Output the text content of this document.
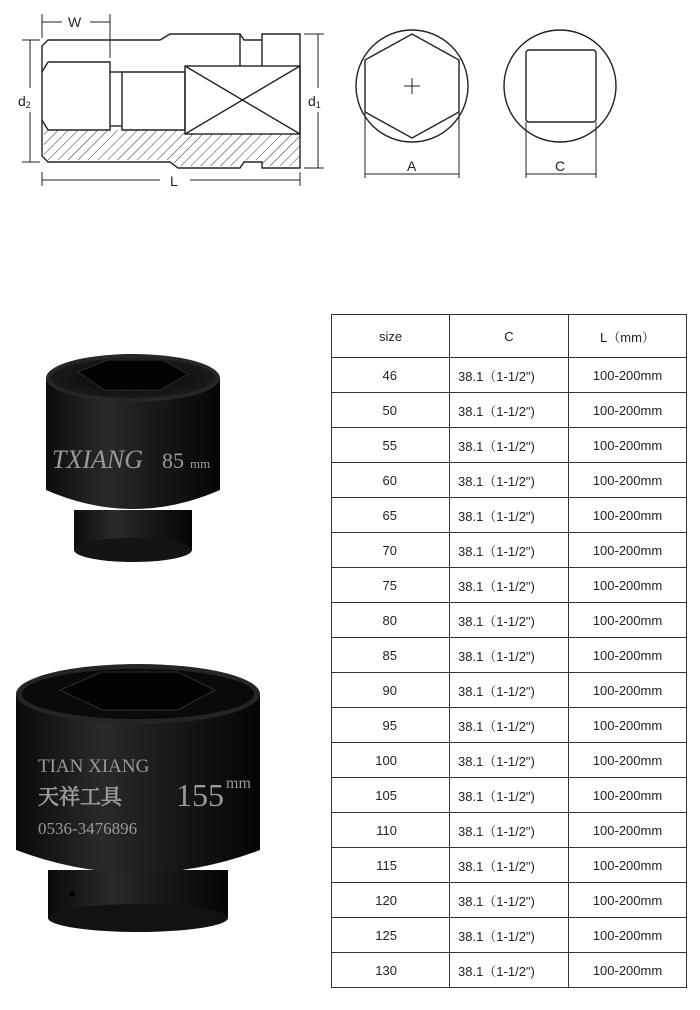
W
d2	d1
L
A	C
TXIANG 85 mm
TIAN XIANG
天祥工具 155 mm
0536-3476896
size	C	L（mm）
46	38.1（1-1/2")	100-200mm
50	38.1（1-1/2")	100-200mm
55	38.1（1-1/2")	100-200mm
60	38.1（1-1/2")	100-200mm
65	38.1（1-1/2")	100-200mm
70	38.1（1-1/2")	100-200mm
75	38.1（1-1/2")	100-200mm
80	38.1（1-1/2")	100-200mm
85	38.1（1-1/2")	100-200mm
90	38.1（1-1/2")	100-200mm
95	38.1（1-1/2")	100-200mm
100	38.1（1-1/2")	100-200mm
105	38.1（1-1/2")	100-200mm
110	38.1（1-1/2")	100-200mm
115	38.1（1-1/2")	100-200mm
120	38.1（1-1/2")	100-200mm
125	38.1（1-1/2")	100-200mm
130	38.1（1-1/2")	100-200mm
